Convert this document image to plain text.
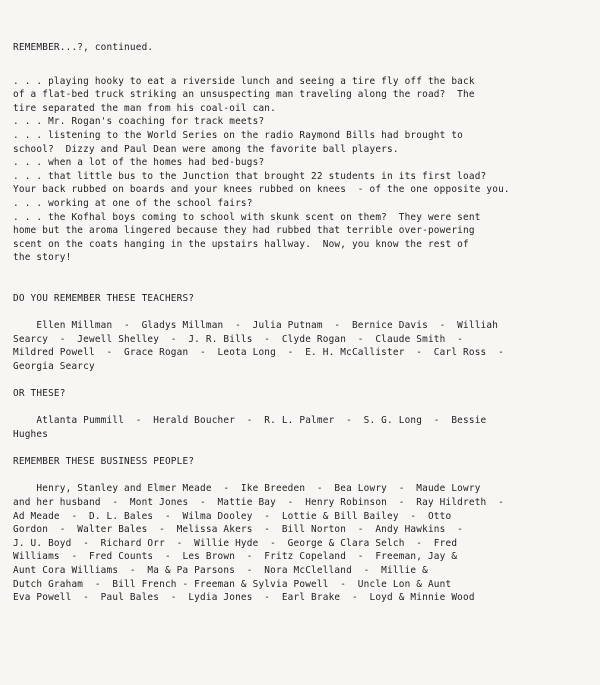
REMEMBER...?, continued.
. . . playing hooky to eat a riverside lunch and seeing a tire fly off the back
of a flat-bed truck striking an unsuspecting man traveling along the road?  The
tire separated the man from his coal-oil can.
. . . Mr. Rogan's coaching for track meets?
. . . listening to the World Series on the radio Raymond Bills had brought to
school?  Dizzy and Paul Dean were among the favorite ball players.
. . . when a lot of the homes had bed-bugs?
. . . that little bus to the Junction that brought 22 students in its first load?
Your back rubbed on boards and your knees rubbed on knees  - of the one opposite you.
. . . working at one of the school fairs?
. . . the Kofhal boys coming to school with skunk scent on them?  They were sent
home but the aroma lingered because they had rubbed that terrible over-powering
scent on the coats hanging in the upstairs hallway.  Now, you know the rest of
the story!
DO YOU REMEMBER THESE TEACHERS?
Ellen Millman  -  Gladys Millman  -  Julia Putnam  -  Bernice Davis  -  Williah
Searcy  -  Jewell Shelley  -  J. R. Bills  -  Clyde Rogan  -  Claude Smith  -
Mildred Powell  -  Grace Rogan  -  Leota Long  -  E. H. McCallister  -  Carl Ross  -
Georgia Searcy
OR THESE?
Atlanta Pummill  -  Herald Boucher  -  R. L. Palmer  -  S. G. Long  -  Bessie
Hughes
REMEMBER THESE BUSINESS PEOPLE?
Henry, Stanley and Elmer Meade  -  Ike Breeden  -  Bea Lowry  -  Maude Lowry
and her husband  -  Mont Jones  -  Mattie Bay  -  Henry Robinson  -  Ray Hildreth  -
Ad Meade  -  D. L. Bales  -  Wilma Dooley  -  Lottie & Bill Bailey  -  Otto
Gordon  -  Walter Bales  -  Melissa Akers  -  Bill Norton  -  Andy Hawkins  -
J. U. Boyd  -  Richard Orr  -  Willie Hyde  -  George & Clara Selch  -  Fred
Williams  -  Fred Counts  -  Les Brown  -  Fritz Copeland  -  Freeman, Jay &
Aunt Cora Williams  -  Ma & Pa Parsons  -  Nora McClelland  -  Millie &
Dutch Graham  -  Bill French - Freeman & Sylvia Powell  -  Uncle Lon & Aunt
Eva Powell  -  Paul Bales  -  Lydia Jones  -  Earl Brake  -  Loyd & Minnie Wood
